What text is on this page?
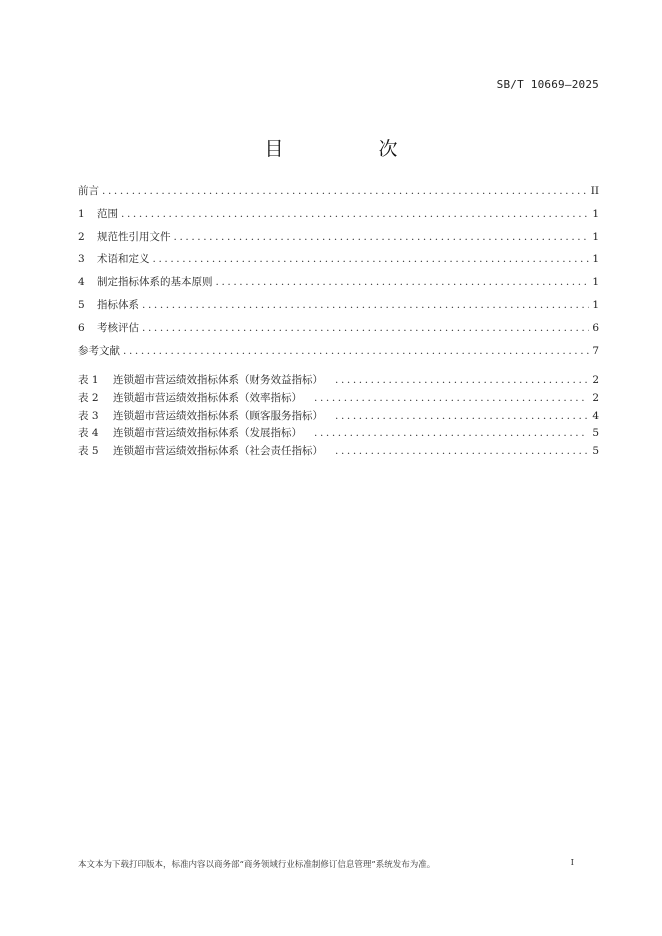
SB/T 10669—2025
目　次
前言 .....	II
1	范围 .....	1
2	规范性引用文件 .....	1
3	术语和定义 .....	1
4	制定指标体系的基本原则 .....	1
5	指标体系 .....	1
6	考核评估 .....	6
参考文献 .....	7
表 1	连锁超市营运绩效指标体系（财务效益指标） .....	2
表 2	连锁超市营运绩效指标体系（效率指标） .....	2
表 3	连锁超市营运绩效指标体系（顾客服务指标） .....	4
表 4	连锁超市营运绩效指标体系（发展指标） .....	5
表 5	连锁超市营运绩效指标体系（社会责任指标） .....	5
本文本为下载打印版本，标准内容以商务部“商务领域行业标准制修订信息管理”系统发布为准。	I
